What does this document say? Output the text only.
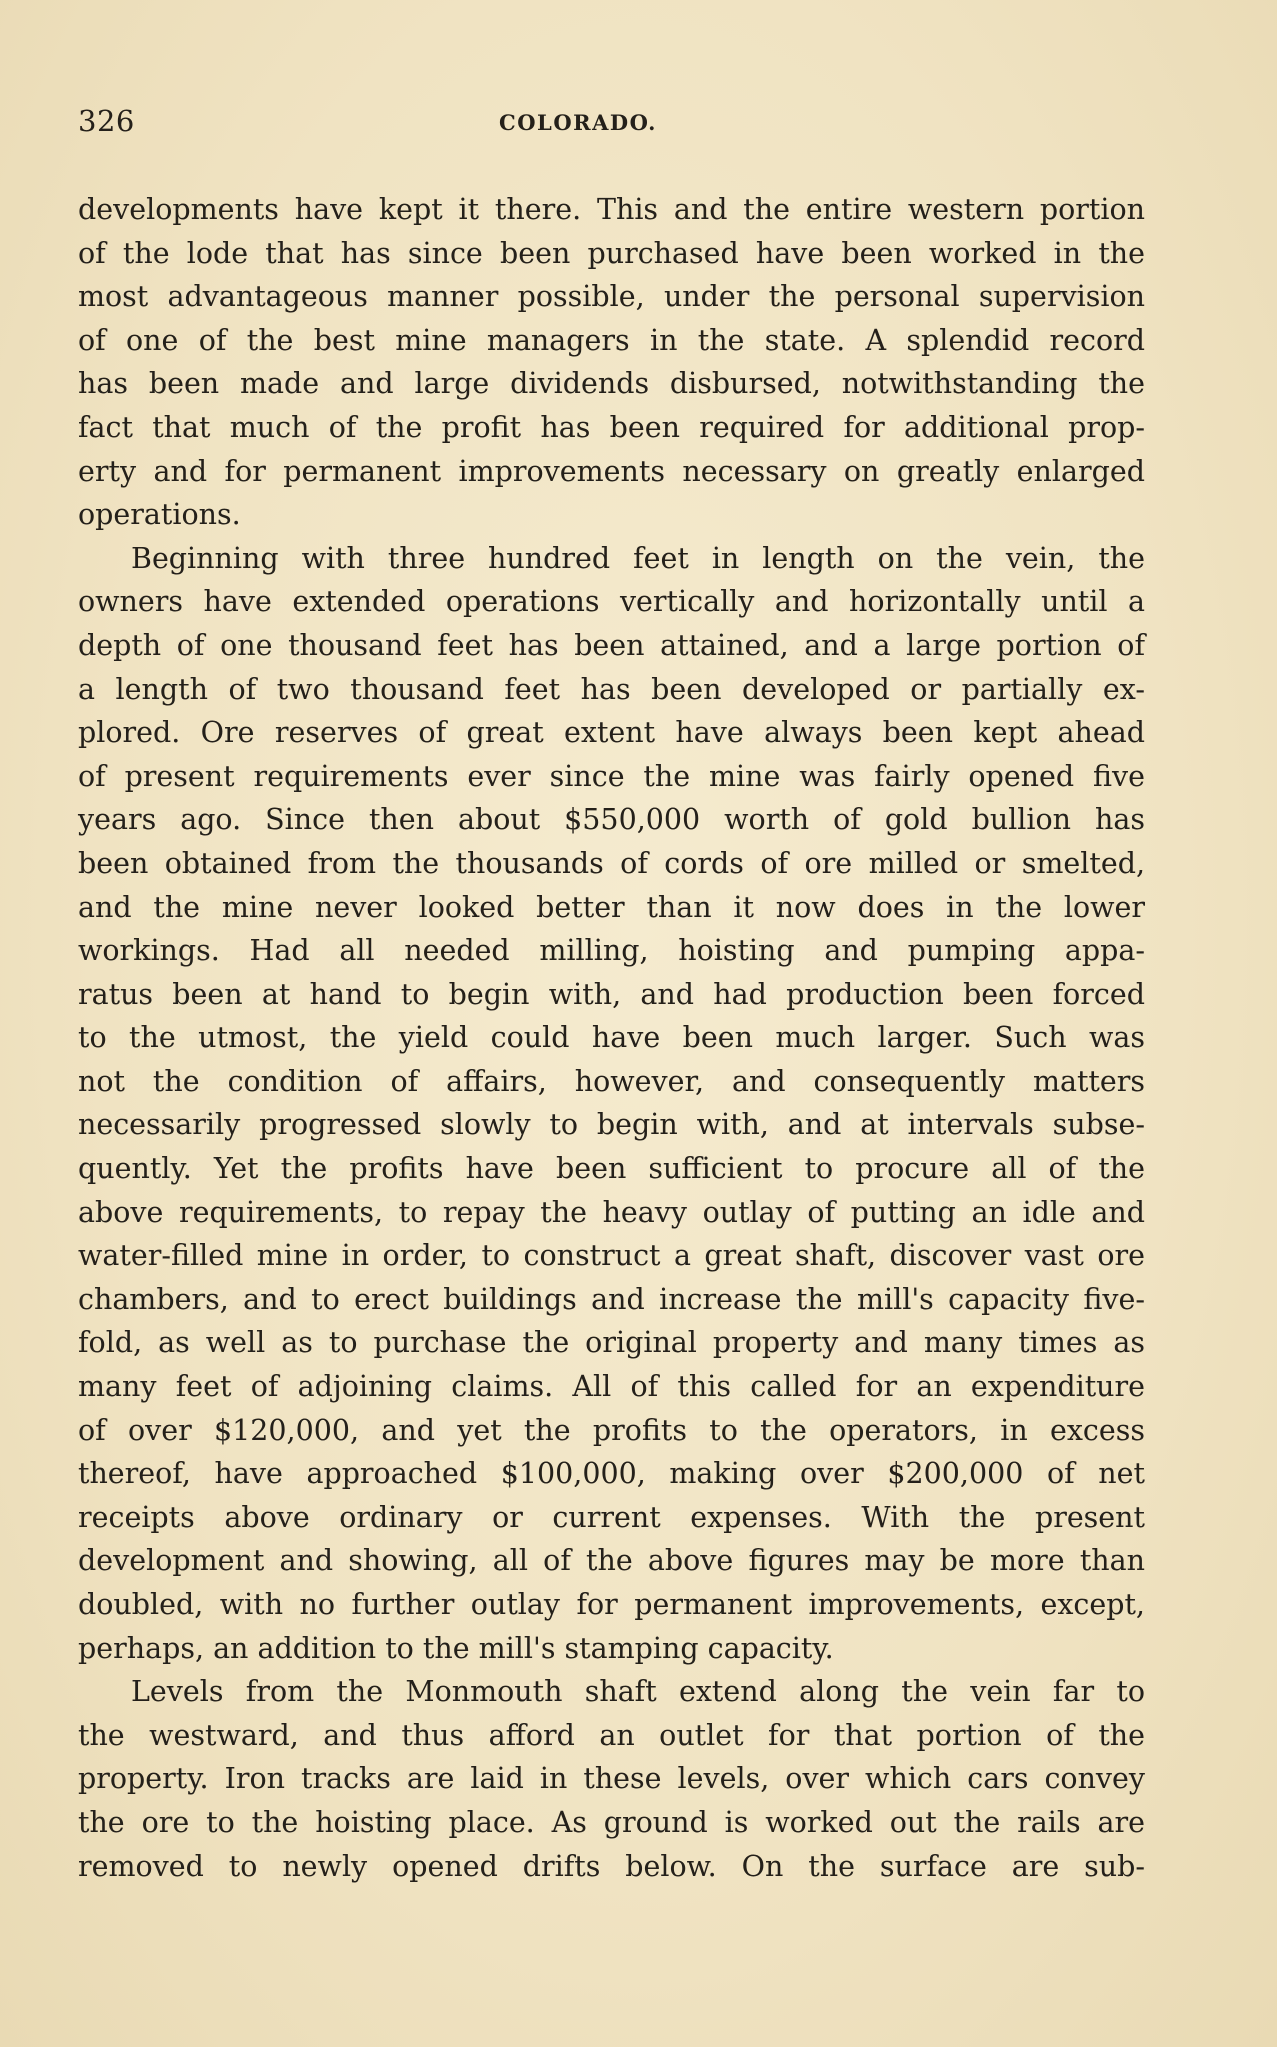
326	COLORADO.
developments have kept it there. This and the entire western portion
of the lode that has since been purchased have been worked in the
most advantageous manner possible, under the personal supervision
of one of the best mine managers in the state. A splendid record
has been made and large dividends disbursed, notwithstanding the
fact that much of the profit has been required for additional prop-
erty and for permanent improvements necessary on greatly enlarged
operations.
Beginning with three hundred feet in length on the vein, the
owners have extended operations vertically and horizontally until a
depth of one thousand feet has been attained, and a large portion of
a length of two thousand feet has been developed or partially ex-
plored. Ore reserves of great extent have always been kept ahead
of present requirements ever since the mine was fairly opened five
years ago. Since then about $550,000 worth of gold bullion has
been obtained from the thousands of cords of ore milled or smelted,
and the mine never looked better than it now does in the lower
workings. Had all needed milling, hoisting and pumping appa-
ratus been at hand to begin with, and had production been forced
to the utmost, the yield could have been much larger. Such was
not the condition of affairs, however, and consequently matters
necessarily progressed slowly to begin with, and at intervals subse-
quently. Yet the profits have been sufficient to procure all of the
above requirements, to repay the heavy outlay of putting an idle and
water-filled mine in order, to construct a great shaft, discover vast ore
chambers, and to erect buildings and increase the mill's capacity five-
fold, as well as to purchase the original property and many times as
many feet of adjoining claims. All of this called for an expenditure
of over $120,000, and yet the profits to the operators, in excess
thereof, have approached $100,000, making over $200,000 of net
receipts above ordinary or current expenses. With the present
development and showing, all of the above figures may be more than
doubled, with no further outlay for permanent improvements, except,
perhaps, an addition to the mill's stamping capacity.
Levels from the Monmouth shaft extend along the vein far to
the westward, and thus afford an outlet for that portion of the
property. Iron tracks are laid in these levels, over which cars convey
the ore to the hoisting place. As ground is worked out the rails are
removed to newly opened drifts below. On the surface are sub-
